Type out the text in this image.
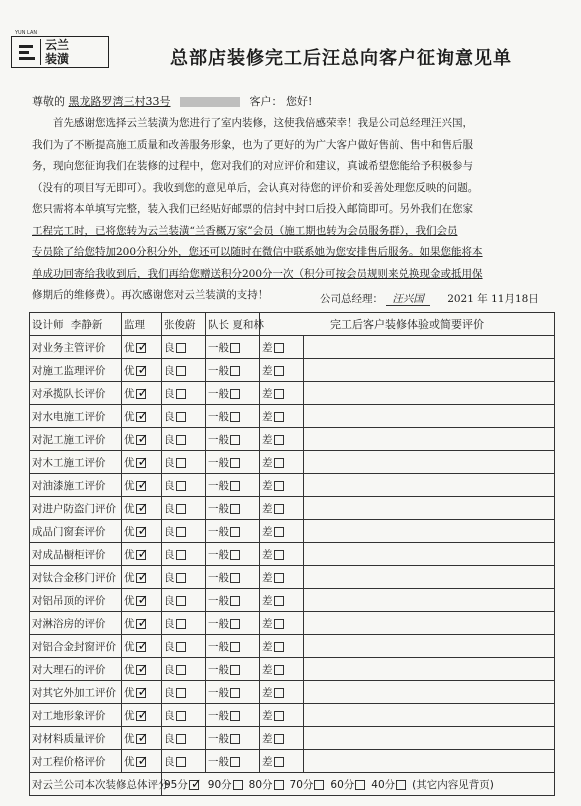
YUN LAN
云兰
装潢	总部店装修完工后汪总向客户征询意见单
尊敬的 黑龙路罗湾三村33号	客户： 您好!
首先感谢您选择云兰装潢为您进行了室内装修，这使我倍感荣幸！我是公司总经理汪兴国，
我们为了不断提高施工质量和改善服务形象，也为了更好的为广大客户做好售前、售中和售后服
务，现向您征询我们在装修的过程中，您对我们的对应评价和建议，真诚希望您能给予积极参与
（没有的项目写无即可）。我收到您的意见单后，会认真对待您的评价和妥善处理您反映的问题。
您只需将本单填写完整，装入我们已经贴好邮票的信封中封口后投入邮筒即可。另外我们在您家
工程完工时，已将您转为云兰装潢“兰香概万家”会员（施工期也转为会员服务群），我们会员
专员除了给您特加200分积分外，您还可以随时在微信中联系她为您安排售后服务。如果您能将本
单成功回寄给我收到后，我们再给您赠送积分200分一次（积分可按会员规则来兑换现金或抵用保
修期后的维修费）。再次感谢您对云兰装潢的支持！	公司总经理： 汪兴国 2021 年 11月18日
设计师 李静新	监理	张俊蔚	队长 夏和林	完工后客户装修体验或简要评价	
对业务主管评价	优 ✓	良	一般	差	
对施工监理评价	优 ✓	良	一般	差	
对承揽队长评价	优 ✓	良	一般	差	
对水电施工评价	优 ✓	良	一般	差	
对泥工施工评价	优 ✓	良	一般	差	
对木工施工评价	优 ✓	良	一般	差	
对油漆施工评价	优 ✓	良	一般	差	
对进户防盗门评价	优 ✓	良	一般	差	
成品门窗套评价	优 ✓	良	一般	差	
对成品橱柜评价	优 ✓	良	一般	差	
对钛合金移门评价	优 ✓	良	一般	差	
对铝吊顶的评价	优 ✓	良	一般	差	
对淋浴房的评价	优 ✓	良	一般	差	
对铝合金封窗评价	优 ✓	良	一般	差	
对大理石的评价	优 ✓	良	一般	差	
对其它外加工评价	优 ✓	良	一般	差	
对工地形象评价	优 ✓	良	一般	差	
对材料质量评价	优 ✓	良	一般	差	
对工程价格评价	优 ✓	良	一般	差	
对云兰公司本次装修总体评分		95分 ✓ 90分 80分 70分 60分 40分 (其它内容见背页)			
